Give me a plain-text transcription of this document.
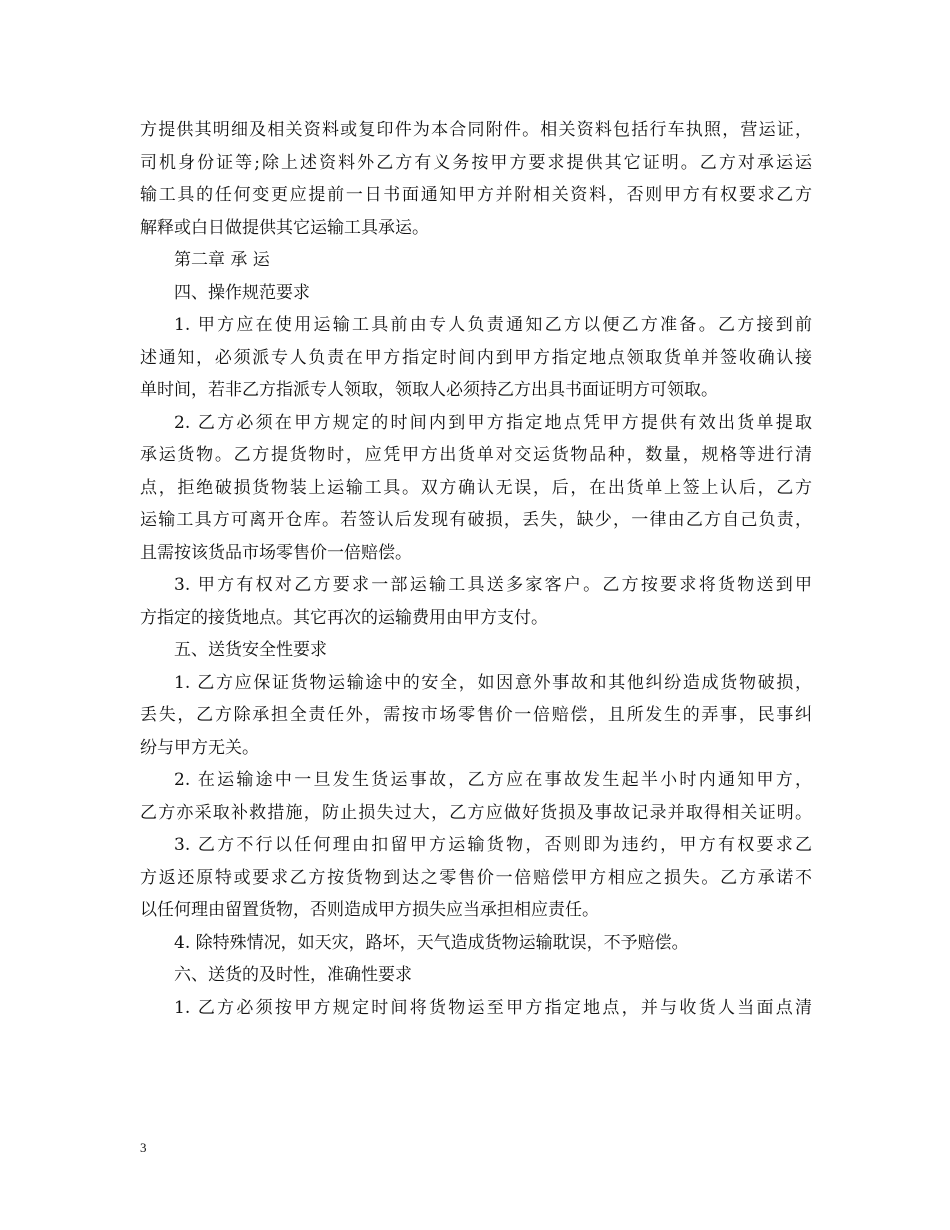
方提供其明细及相关资料或复印件为本合同附件。相关资料包括行车执照，营运证，
司机身份证等;除上述资料外乙方有义务按甲方要求提供其它证明。乙方对承运运
输工具的任何变更应提前一日书面通知甲方并附相关资料，否则甲方有权要求乙方
解释或白日做提供其它运输工具承运。
第二章 承 运
四、操作规范要求
1. 甲方应在使用运输工具前由专人负责通知乙方以便乙方准备。乙方接到前
述通知，必须派专人负责在甲方指定时间内到甲方指定地点领取货单并签收确认接
单时间，若非乙方指派专人领取，领取人必须持乙方出具书面证明方可领取。
2. 乙方必须在甲方规定的时间内到甲方指定地点凭甲方提供有效出货单提取
承运货物。乙方提货物时，应凭甲方出货单对交运货物品种，数量，规格等进行清
点，拒绝破损货物装上运输工具。双方确认无误，后，在出货单上签上认后，乙方
运输工具方可离开仓库。若签认后发现有破损，丢失，缺少，一律由乙方自己负责，
且需按该货品市场零售价一倍赔偿。
3. 甲方有权对乙方要求一部运输工具送多家客户。乙方按要求将货物送到甲
方指定的接货地点。其它再次的运输费用由甲方支付。
五、送货安全性要求
1. 乙方应保证货物运输途中的安全，如因意外事故和其他纠纷造成货物破损，
丢失，乙方除承担全责任外，需按市场零售价一倍赔偿，且所发生的弄事，民事纠
纷与甲方无关。
2. 在运输途中一旦发生货运事故，乙方应在事故发生起半小时内通知甲方，
乙方亦采取补救措施，防止损失过大，乙方应做好货损及事故记录并取得相关证明。
3. 乙方不行以任何理由扣留甲方运输货物，否则即为违约，甲方有权要求乙
方返还原特或要求乙方按货物到达之零售价一倍赔偿甲方相应之损失。乙方承诺不
以任何理由留置货物，否则造成甲方损失应当承担相应责任。
4. 除特殊情况，如天灾，路坏，天气造成货物运输耽误，不予赔偿。
六、送货的及时性，准确性要求
1. 乙方必须按甲方规定时间将货物运至甲方指定地点，并与收货人当面点清
3
